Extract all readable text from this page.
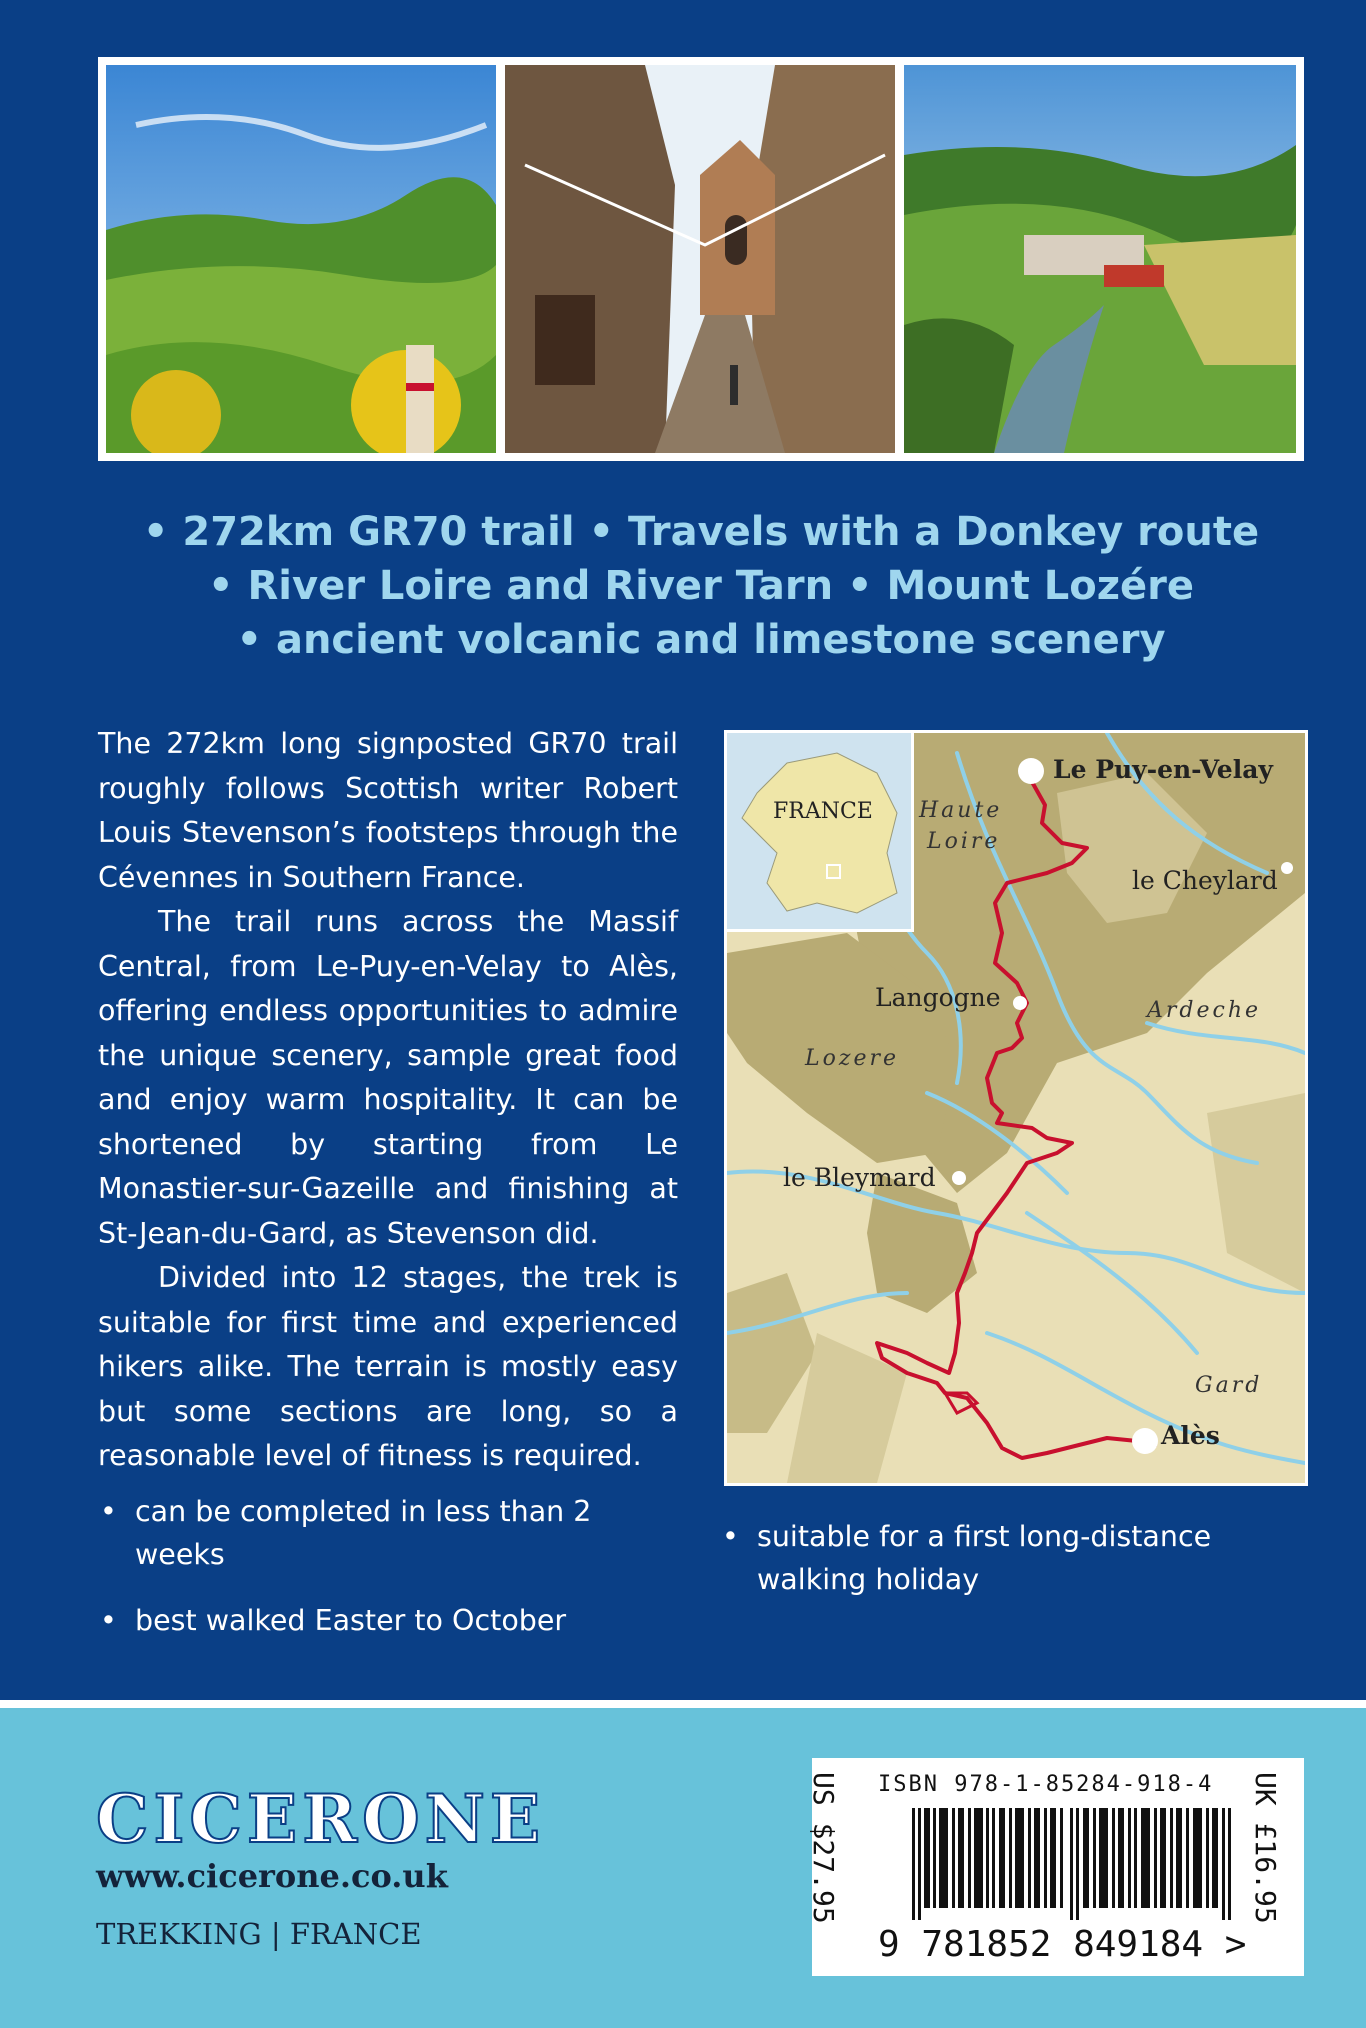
• 272km GR70 trail • Travels with a Donkey route
• River Loire and River Tarn • Mount Lozére
• ancient volcanic and limestone scenery

The 272km long signposted GR70 trail roughly follows Scottish writer Robert Louis Stevenson’s footsteps through the Cévennes in Southern France.

The trail runs across the Massif Central, from Le-Puy-en-Velay to Alès, offering endless opportunities to admire the unique scenery, sample great food and enjoy warm hospitality. It can be shortened by starting from Le Monastier-sur-Gazeille and finishing at St-Jean-du-Gard, as Stevenson did.

Divided into 12 stages, the trek is suitable for first time and experienced hikers alike. The terrain is mostly easy but some sections are long, so a reasonable level of fitness is required.

• can be completed in less than 2 weeks
• best walked Easter to October
• suitable for a first long-distance walking holiday
FRANCE
Le Puy-en-Velay
le Cheylard
Langogne
le Bleymard
Alès
Haute
Loire
Ardeche
Lozere
Gard
CICERONE
www.cicerone.co.uk
TREKKING | FRANCE
US $27.95 ISBN 978-1-85284-918-4
9 781852 849184 >
UK £16.95
